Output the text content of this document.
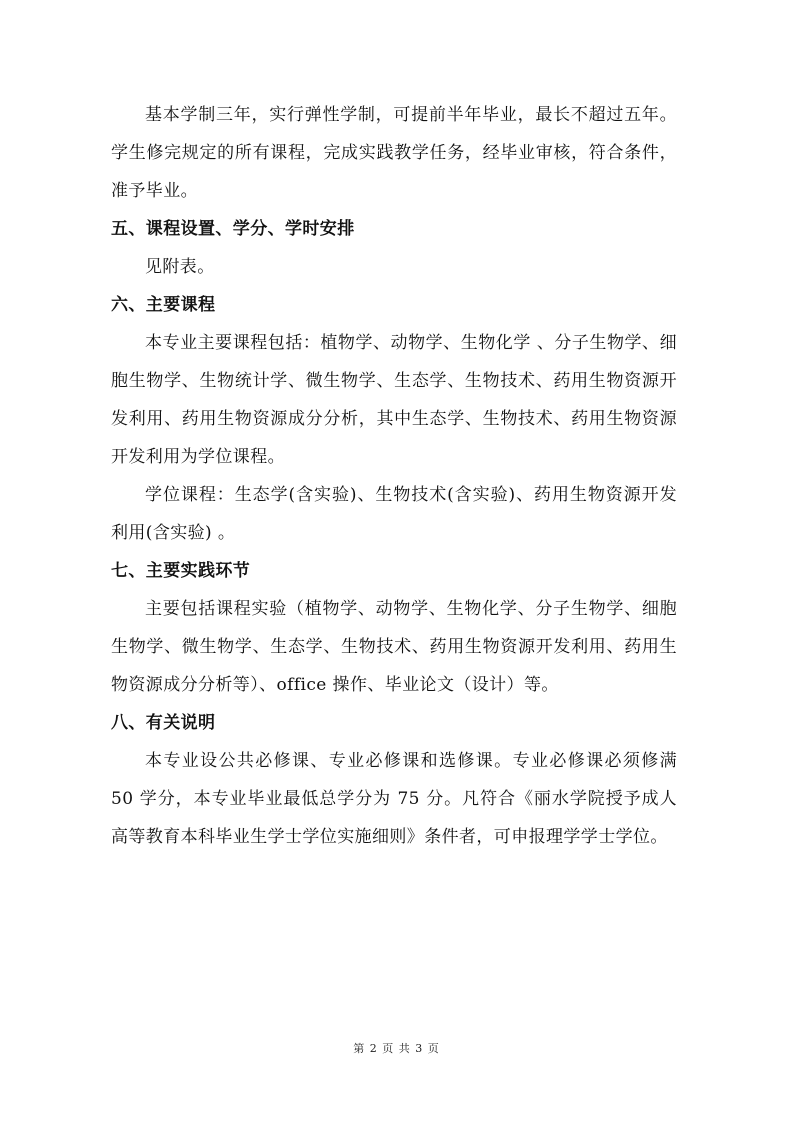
基本学制三年，实行弹性学制，可提前半年毕业，最长不超过五年。学生修完规定的所有课程，完成实践教学任务，经毕业审核，符合条件，准予毕业。

五、课程设置、学分、学时安排

见附表。

六、主要课程

本专业主要课程包括：植物学、动物学、生物化学 、分子生物学、细胞生物学、生物统计学、微生物学、生态学、生物技术、药用生物资源开发利用、药用生物资源成分分析，其中生态学、生物技术、药用生物资源开发利用为学位课程。

学位课程：生态学(含实验)、生物技术(含实验)、药用生物资源开发利用(含实验) 。

七、主要实践环节

主要包括课程实验（植物学、动物学、生物化学、分子生物学、细胞生物学、微生物学、生态学、生物技术、药用生物资源开发利用、药用生物资源成分分析等）、office 操作、毕业论文（设计）等。

八、有关说明

本专业设公共必修课、专业必修课和选修课。专业必修课必须修满 50 学分，本专业毕业最低总学分为 75 分。凡符合《丽水学院授予成人高等教育本科毕业生学士学位实施细则》条件者，可申报理学学士学位。

第 2 页 共 3 页
